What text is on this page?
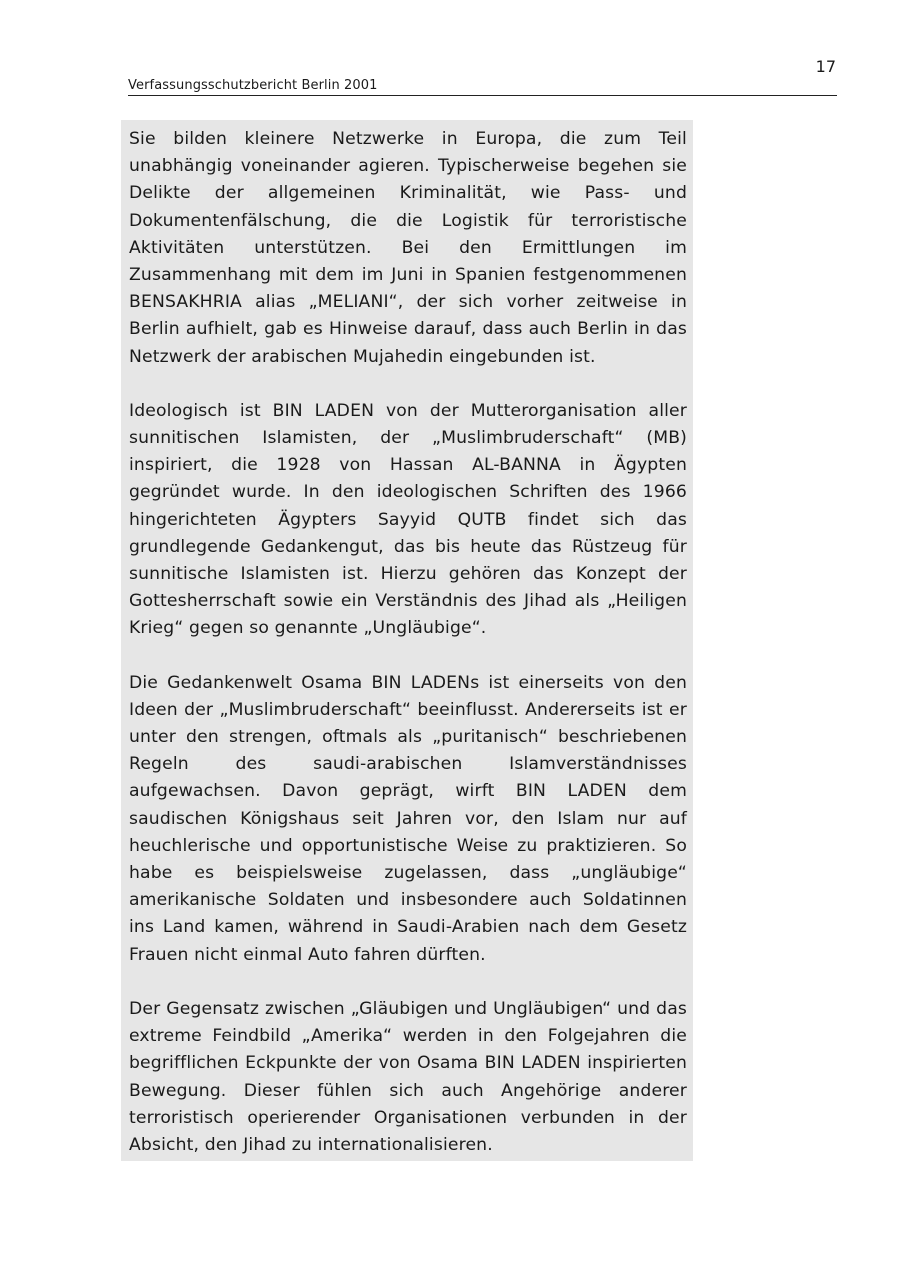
17
Verfassungsschutzbericht Berlin 2001

Sie bilden kleinere Netzwerke in Europa, die zum Teil unabhängig voneinander agieren. Typischerweise begehen sie Delikte der allgemeinen Kriminalität, wie Pass- und Dokumentenfälschung, die die Logistik für terroristische Aktivitäten unterstützen. Bei den Ermittlungen im Zusammenhang mit dem im Juni in Spanien festgenommenen BENSAKHRIA alias „MELIANI“, der sich vorher zeitweise in Berlin aufhielt, gab es Hinweise darauf, dass auch Berlin in das Netzwerk der arabischen Mujahedin eingebunden ist.

Ideologisch ist BIN LADEN von der Mutterorganisation aller sunnitischen Islamisten, der „Muslimbruderschaft“ (MB) inspiriert, die 1928 von Hassan AL-BANNA in Ägypten gegründet wurde. In den ideologischen Schriften des 1966 hingerichteten Ägypters Sayyid QUTB findet sich das grundlegende Gedankengut, das bis heute das Rüstzeug für sunnitische Islamisten ist. Hierzu gehören das Konzept der Gottesherrschaft sowie ein Verständnis des Jihad als „Heiligen Krieg“ gegen so genannte „Ungläubige“.

Die Gedankenwelt Osama BIN LADENs ist einerseits von den Ideen der „Muslimbruderschaft“ beeinflusst. Andererseits ist er unter den strengen, oftmals als „puritanisch“ beschriebenen Regeln des saudi-arabischen Islamverständnisses aufgewachsen. Davon geprägt, wirft BIN LADEN dem saudischen Königshaus seit Jahren vor, den Islam nur auf heuchlerische und opportunistische Weise zu praktizieren. So habe es beispielsweise zugelassen, dass „ungläubige“ amerikanische Soldaten und insbesondere auch Soldatinnen ins Land kamen, während in Saudi-Arabien nach dem Gesetz Frauen nicht einmal Auto fahren dürften.

Der Gegensatz zwischen „Gläubigen und Ungläubigen“ und das extreme Feindbild „Amerika“ werden in den Folgejahren die begrifflichen Eckpunkte der von Osama BIN LADEN inspirierten Bewegung. Dieser fühlen sich auch Angehörige anderer terroristisch operierender Organisationen verbunden in der Absicht, den Jihad zu internationalisieren.
